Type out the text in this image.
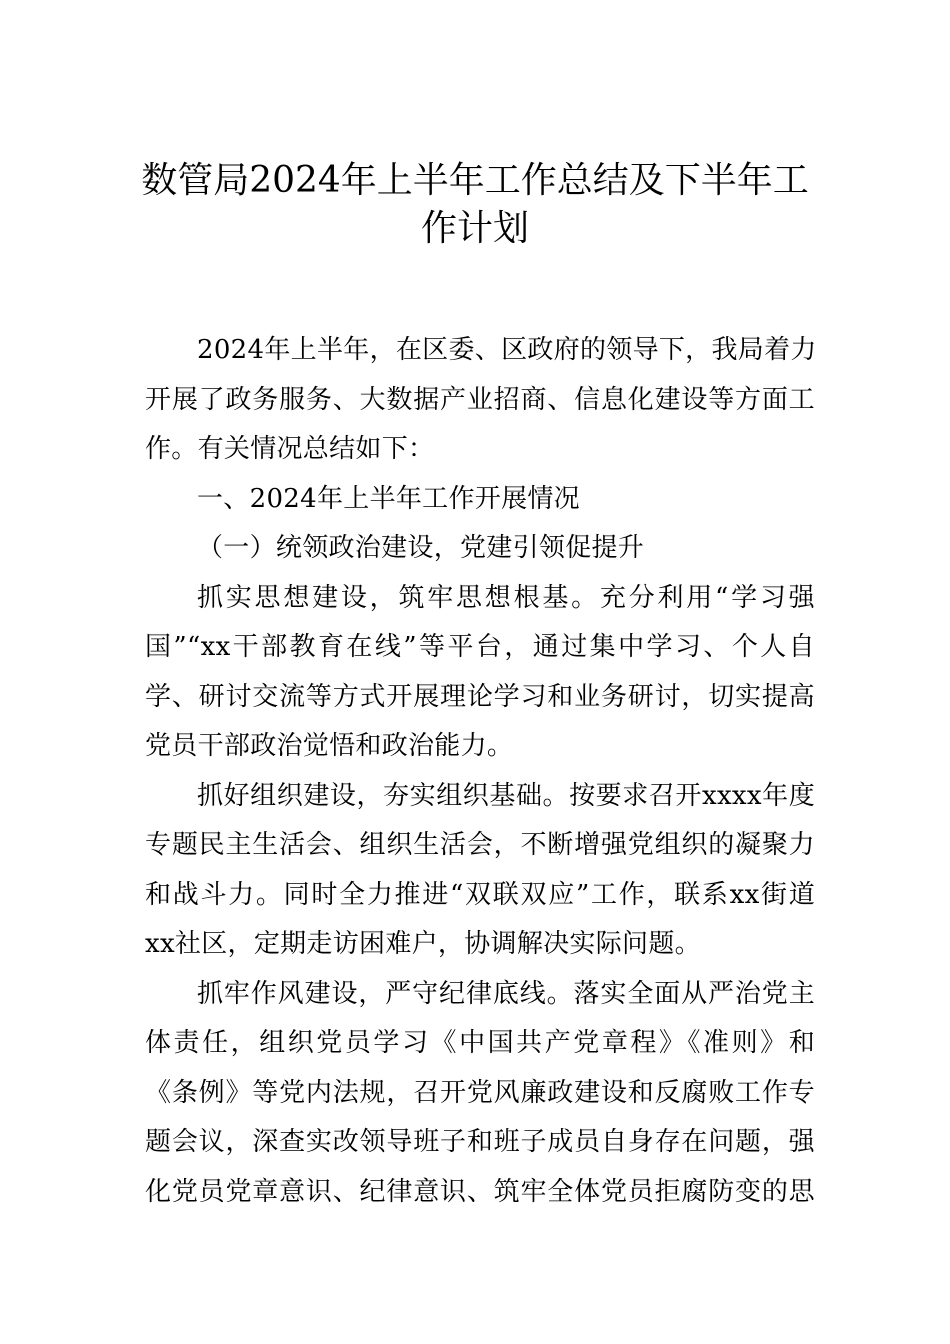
数管局2024年上半年工作总结及下半年工
作计划
2024年上半年，在区委、区政府的领导下，我局着力
开展了政务服务、大数据产业招商、信息化建设等方面工
作。有关情况总结如下：
一、2024年上半年工作开展情况
（一）统领政治建设，党建引领促提升
抓实思想建设，筑牢思想根基。充分利用“学习强
国”“xx干部教育在线”等平台，通过集中学习、个人自
学、研讨交流等方式开展理论学习和业务研讨，切实提高
党员干部政治觉悟和政治能力。
抓好组织建设，夯实组织基础。按要求召开xxxx年度
专题民主生活会、组织生活会，不断增强党组织的凝聚力
和战斗力。同时全力推进“双联双应”工作，联系xx街道
xx社区，定期走访困难户，协调解决实际问题。
抓牢作风建设，严守纪律底线。落实全面从严治党主
体责任，组织党员学习《中国共产党章程》《准则》和
《条例》等党内法规，召开党风廉政建设和反腐败工作专
题会议，深查实改领导班子和班子成员自身存在问题，强
化党员党章意识、纪律意识、筑牢全体党员拒腐防变的思
